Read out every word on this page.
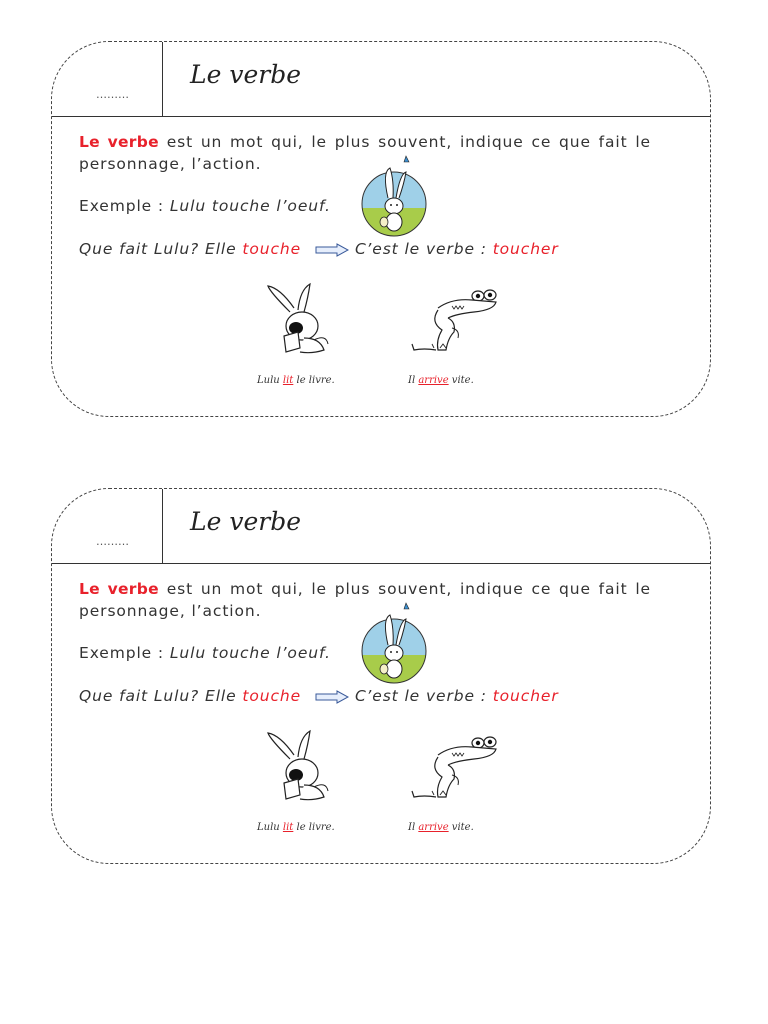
………
Le verbe
Le verbe est un mot qui, le plus souvent, indique ce que fait le personnage, l’action.
Exemple : Lulu touche l’oeuf.
Que fait Lulu? Elle touche	C’est le verbe : toucher
Lulu lit le livre.	Il arrive vite.
………
Le verbe
Le verbe est un mot qui, le plus souvent, indique ce que fait le personnage, l’action.
Exemple : Lulu touche l’oeuf.
Que fait Lulu? Elle touche	C’est le verbe : toucher
Lulu lit le livre.	Il arrive vite.
